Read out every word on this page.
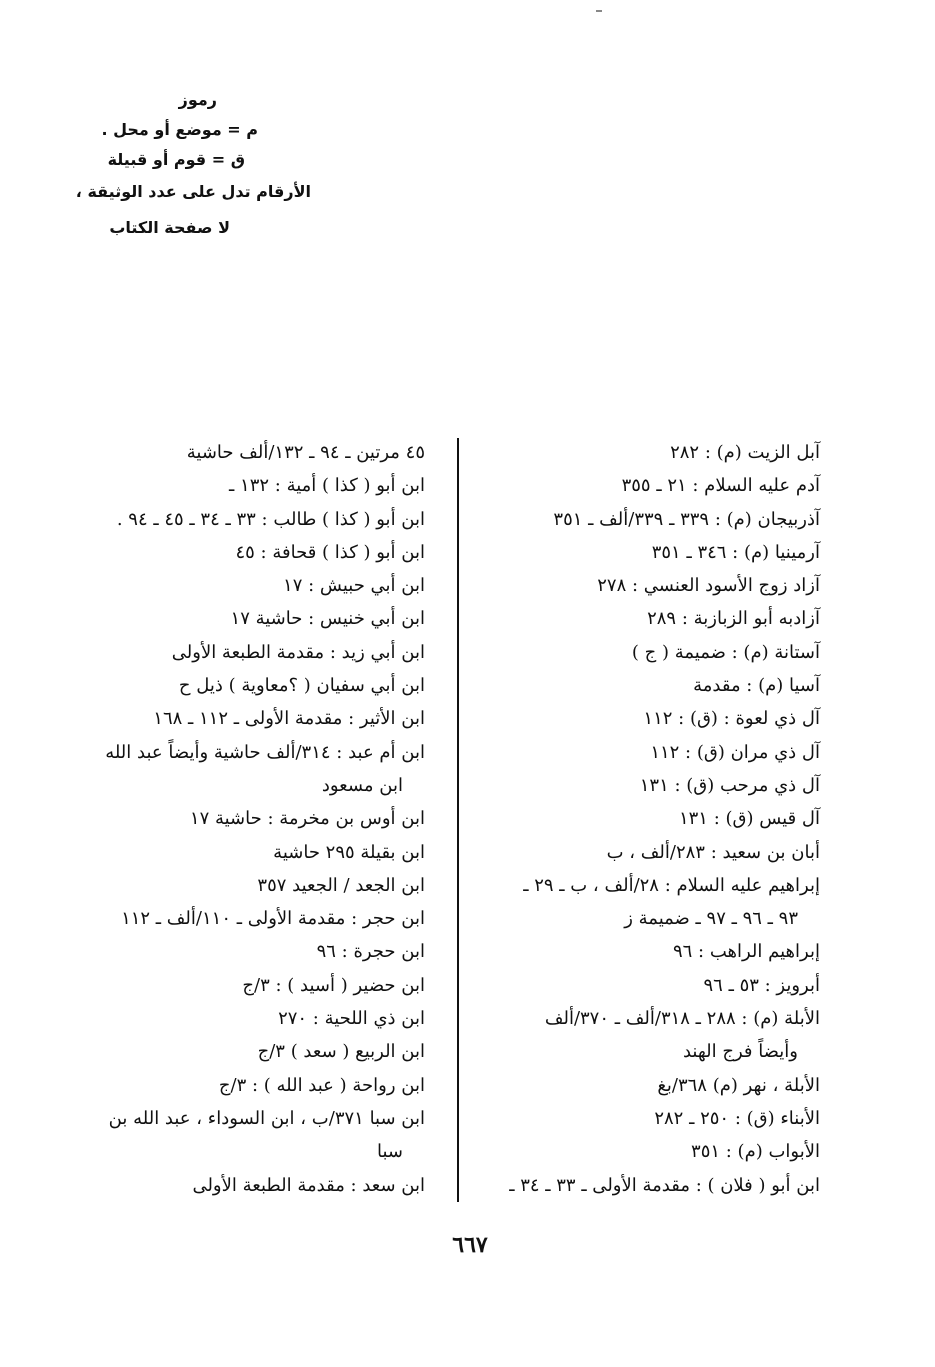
رموز
م = موضع أو محل .
ق = قوم أو قبيلة
الأرقام تدل على عدد الوثيقة ،
لا صفحة الكتاب
آبل الزيت (م) : ٢٨٢
آدم عليه السلام : ٢١ ـ ٣٥٥
آذربيجان (م) : ٣٣٩ ـ ٣٣٩/ألف ـ ٣٥١
آرمينيا (م) : ٣٤٦ ـ ٣٥١
آزاد زوج الأسود العنسي : ٢٧٨
آزادبه أبو الزبازبة : ٢٨٩
آستانة (م) : ضميمة ( ج )
آسيا (م) : مقدمة
آل ذي لعوة : (ق) : ١١٢
آل ذي مران (ق) : ١١٢
آل ذي مرحب (ق) : ١٣١
آل قيس (ق) : ١٣١
أبان بن سعيد : ٢٨٣/ألف ، ب
إبراهيم عليه السلام : ٢٨/ألف ، ب ـ ٢٩ ـ
٩٣ ـ ٩٦ ـ ٩٧ ـ ضميمة ز
إبراهيم الراهب : ٩٦
أبرويز : ٥٣ ـ ٩٦
الأبلة (م) : ٢٨٨ ـ ٣١٨/ألف ـ ٣٧٠/ألف
وأيضاً فرج الهند
الأبلة ، نهر (م) ٣٦٨/بغ
الأبناء (ق) : ٢٥٠ ـ ٢٨٢
الأبواب (م) : ٣٥١
ابن أبو ( فلان ) : مقدمة الأولى ـ ٣٣ ـ ٣٤ ـ
٤٥ مرتين ـ ٩٤ ـ ١٣٢/ألف حاشية
ابن أبو ( كذا ) أمية : ١٣٢ ـ
ابن أبو ( كذا ) طالب : ٣٣ ـ ٣٤ ـ ٤٥ ـ ٩٤ .
ابن أبو ( كذا ) قحافة : ٤٥
ابن أبي حبيش : ١٧
ابن أبي خنيس : حاشية ١٧
ابن أبي زيد : مقدمة الطبعة الأولى
ابن أبي سفيان ( ؟معاوية ) ذيل ح
ابن الأثير : مقدمة الأولى ـ ١١٢ ـ ١٦٨
ابن أم عبد : ٣١٤/ألف حاشية وأيضاً عبد الله
ابن مسعود
ابن أوس بن مخرمة : حاشية ١٧
ابن بقيلة ٢٩٥ حاشية
ابن الجعد / الجعيد ٣٥٧
ابن حجر : مقدمة الأولى ـ ١١٠/ألف ـ ١١٢
ابن حجرة : ٩٦
ابن حضير ( أسيد ) : ٣/ج
ابن ذي اللحية : ٢٧٠
ابن الربيع ( سعد ) ٣/ج
ابن رواحة ( عبد الله ) : ٣/ج
ابن سبا ٣٧١/ب ، ابن السوداء ، عبد الله بن
سبا
ابن سعد : مقدمة الطبعة الأولى
٦٦٧
